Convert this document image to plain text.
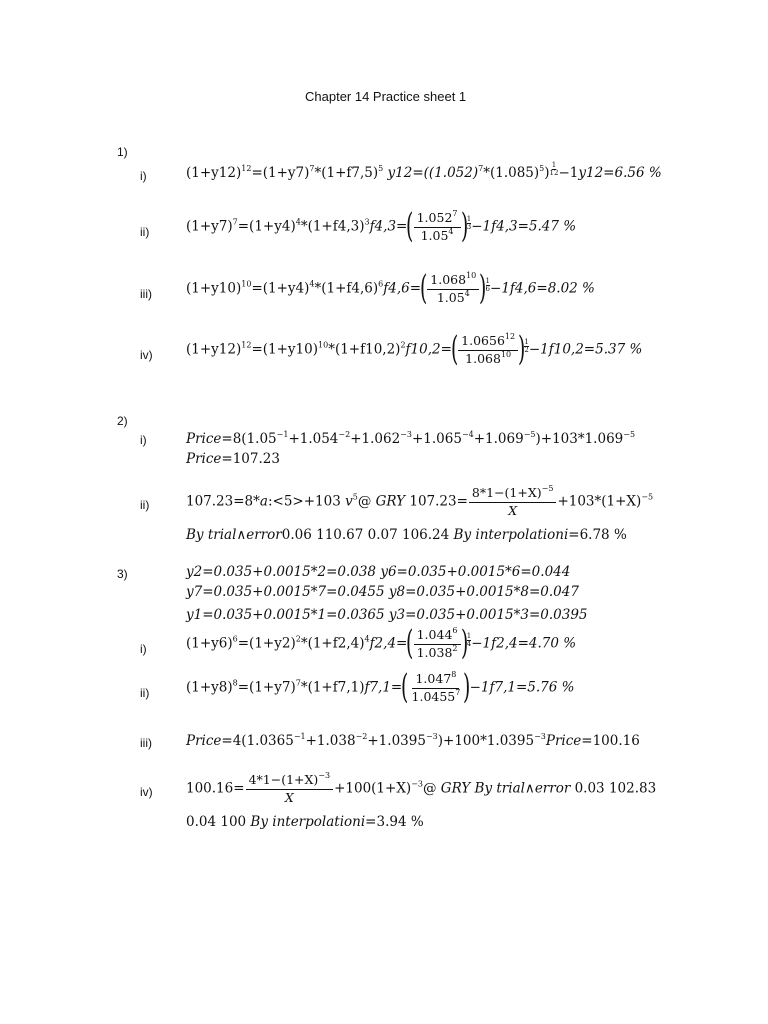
Chapter 14 Practice sheet 1
1)
i)	$(1+y12)^{12}=(1+y7)^7*(1+f7,5)^5$ $y12=((1.052)^7*(1.085)^5) \frac{1}{12} -1y12=6.56$ %
ii)	$(1+y7)^7=(1+y4)^4*(1+f4,3)^3f4,3=( \frac{1.052^7}{1.05^4}$ )
$\frac{1}{3} -1f4,3=5.47$ %
iii)	$(1+y10)^{10}=(1+y4)^4*(1+f4,6)^6f4,6=( \frac{1.068^{10}}{1.05^4}$ )
$\frac{1}{6} -1f4,6=8.02$ %
iv) $(1+y12)^{12}=(1+y10)^{10}*(1+f10,2)^2f10,2=( \frac{1.0656^{12}}{1.068^{10}}$ )
$\frac{1}{2} -1f10,2=5.37$ %
2)
i)	$Price=8(1.05^{-1}+1.054^{-2}+1.062^{-3}+1.065^{-4}+1.069^{-5})+103*1.069^{-5}$
Price=107.23
ii)	107.23=8*a:<5>+103 $v^5@$ GRY $107.23= \frac{8*1-(1+X)^{-5}}{X} +103*(1+X)^{-5}$
By trial∧error0.06 110.67 0.07 106.24 By interpolationi=6.78 %
3)	y2=0.035+0.0015*2=0.038 y6=0.035+0.0015*6=0.044
y7=0.035+0.0015*7=0.0455 y8=0.035+0.0015*8=0.047
y1=0.035+0.0015*1=0.0365 y3=0.035+0.0015*3=0.0395
i)	$(1+y6)^6=(1+y2)^2*(1+f2,4)^4f2,4=( \frac{1.044^6}{1.038^2}$ )
$\frac{1}{4} -1f2,4=4.70$ %
ii)	$(1+y8)^8=(1+y7)^7*(1+f7,1)f7,1=( \frac{1.047^8}{1.0455^7} )-1f7,1=5.76$ %
iii)	$Price=4(1.0365^{-1}+1.038^{-2}+1.0395^{-3})+100*1.0395^{-3}Price=100.16$
iv) $100.16= \frac{4*1-(1+X)^{-3}}{X}$ $+100(1+X)^{-3}@$ GRY By trial∧error 0.03 102.83
0.04 100 By interpolationi=3.94 %
